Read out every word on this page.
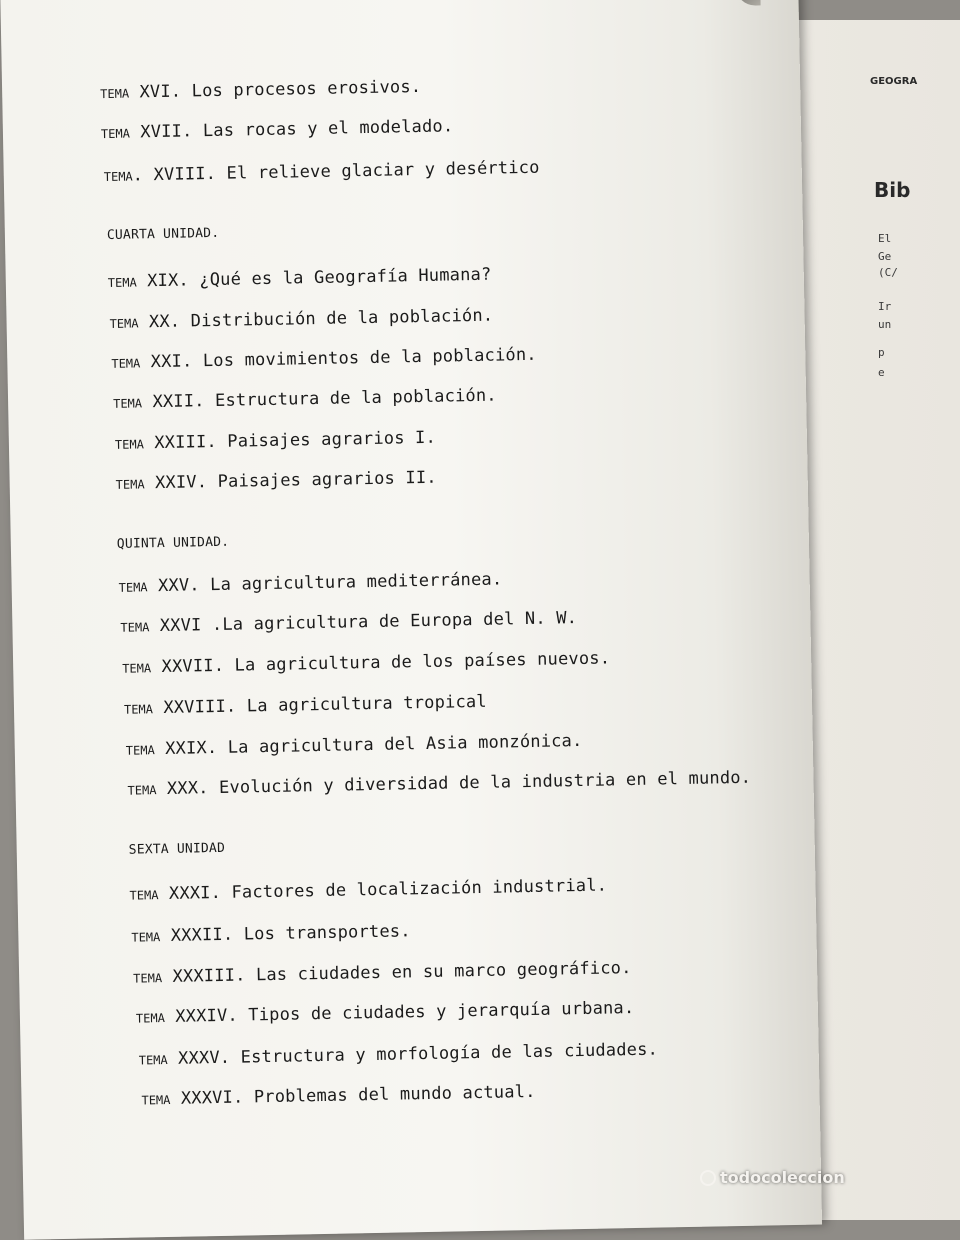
GEOGRA
Bib
El
Ge
(C/
Ir
un
p
e
TEMA XVI. Los procesos erosivos.
TEMA XVII. Las rocas y el modelado.
TEMA. XVIII. El relieve glaciar y desértico
CUARTA UNIDAD.
TEMA XIX. ¿Qué es la Geografía Humana?
TEMA XX. Distribución de la población.
TEMA XXI. Los movimientos de la población.
TEMA XXII. Estructura de la población.
TEMA XXIII. Paisajes agrarios I.
TEMA XXIV. Paisajes agrarios II.
QUINTA UNIDAD.
TEMA XXV. La agricultura mediterránea.
TEMA XXVI .La agricultura de Europa del N. W.
TEMA XXVII. La agricultura de los países nuevos.
TEMA XXVIII. La agricultura tropical
TEMA XXIX. La agricultura del Asia monzónica.
TEMA XXX. Evolución y diversidad de la industria en el mundo.
SEXTA UNIDAD
TEMA XXXI. Factores de localización industrial.
TEMA XXXII. Los transportes.
TEMA XXXIII. Las ciudades en su marco geográfico.
TEMA XXXIV. Tipos de ciudades y jerarquía urbana.
TEMA XXXV. Estructura y morfología de las ciudades.
TEMA XXXVI. Problemas del mundo actual.
todocoleccion
